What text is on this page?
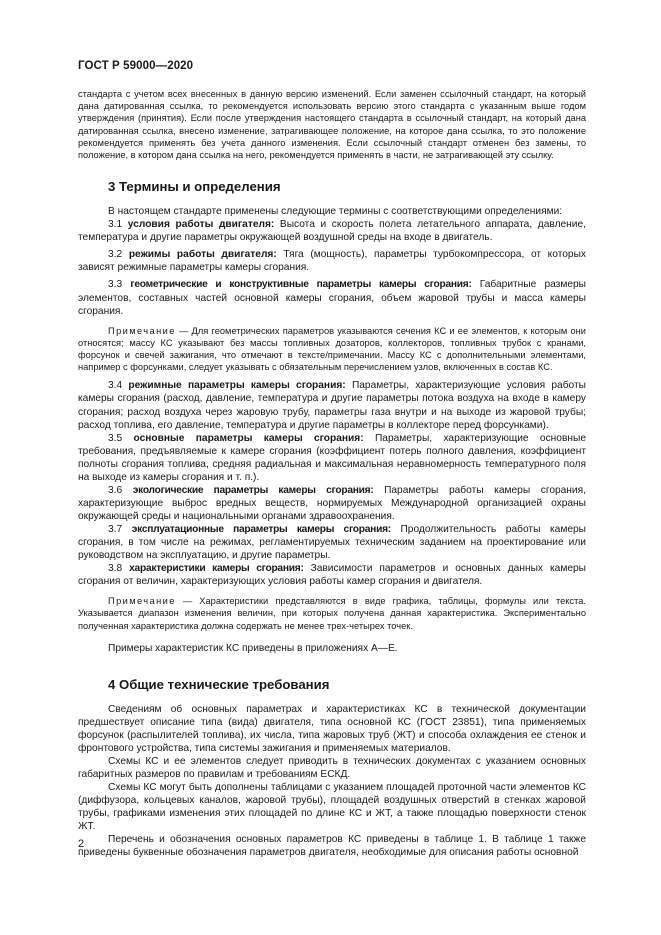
ГОСТ Р 59000—2020

стандарта с учетом всех внесенных в данную версию изменений. Если заменен ссылочный стандарт, на который дана датированная ссылка, то рекомендуется использовать версию этого стандарта с указанным выше годом утверждения (принятия). Если после утверждения настоящего стандарта в ссылочный стандарт, на который дана датированная ссылка, внесено изменение, затрагивающее положение, на которое дана ссылка, то это положение рекомендуется применять без учета данного изменения. Если ссылочный стандарт отменен без замены, то положение, в котором дана ссылка на него, рекомендуется применять в части, не затрагивающей эту ссылку.

3 Термины и определения

В настоящем стандарте применены следующие термины с соответствующими определениями:

3.1 условия работы двигателя: Высота и скорость полета летательного аппарата, давление, температура и другие параметры окружающей воздушной среды на входе в двигатель.

3.2 режимы работы двигателя: Тяга (мощность), параметры турбокомпрессора, от которых зависят режимные параметры камеры сгорания.

3.3 геометрические и конструктивные параметры камеры сгорания: Габаритные размеры элементов, составных частей основной камеры сгорания, объем жаровой трубы и масса камеры сгорания.

Примечание — Для геометрических параметров указываются сечения КС и ее элементов, к которым они относятся; массу КС указывают без массы топливных дозаторов, коллекторов, топливных трубок с кранами, форсунок и свечей зажигания, что отмечают в тексте/примечании. Массу КС с дополнительными элементами, например с форсунками, следует указывать с обязательным перечислением узлов, включенных в состав КС.

3.4 режимные параметры камеры сгорания: Параметры, характеризующие условия работы камеры сгорания (расход, давление, температура и другие параметры потока воздуха на входе в камеру сгорания; расход воздуха через жаровую трубу, параметры газа внутри и на выходе из жаровой трубы; расход топлива, его давление, температура и другие параметры в коллекторе перед форсунками).

3.5 основные параметры камеры сгорания: Параметры, характеризующие основные требования, предъявляемые к камере сгорания (коэффициент потерь полного давления, коэффициент полноты сгорания топлива, средняя радиальная и максимальная неравномерность температурного поля на выходе из камеры сгорания и т. п.).

3.6 экологические параметры камеры сгорания: Параметры работы камеры сгорания, характеризующие выброс вредных веществ, нормируемых Международной организацией охраны окружающей среды и национальными органами здравоохранения.

3.7 эксплуатационные параметры камеры сгорания: Продолжительность работы камеры сгорания, в том числе на режимах, регламентируемых техническим заданием на проектирование или руководством на эксплуатацию, и другие параметры.

3.8 характеристики камеры сгорания: Зависимости параметров и основных данных камеры сгорания от величин, характеризующих условия работы камер сгорания и двигателя.

Примечание — Характеристики представляются в виде графика, таблицы, формулы или текста. Указывается диапазон изменения величин, при которых получена данная характеристика. Экспериментально полученная характеристика должна содержать не менее трех-четырех точек.

Примеры характеристик КС приведены в приложениях А—Е.

4 Общие технические требования

Сведениям об основных параметрах и характеристиках КС в технической документации предшествует описание типа (вида) двигателя, типа основной КС (ГОСТ 23851), типа применяемых форсунок (распылителей топлива), их числа, типа жаровых труб (ЖТ) и способа охлаждения ее стенок и фронтового устройства, типа системы зажигания и применяемых материалов.

Схемы КС и ее элементов следует приводить в технических документах с указанием основных габаритных размеров по правилам и требованиям ЕСКД.

Схемы КС могут быть дополнены таблицами с указанием площадей проточной части элементов КС (диффузора, кольцевых каналов, жаровой трубы), площадей воздушных отверстий в стенках жаровой трубы, графиками изменения этих площадей по длине КС и ЖТ, а также площадью поверхности стенок ЖТ.

Перечень и обозначения основных параметров КС приведены в таблице 1. В таблице 1 также приведены буквенные обозначения параметров двигателя, необходимые для описания работы основной

2
